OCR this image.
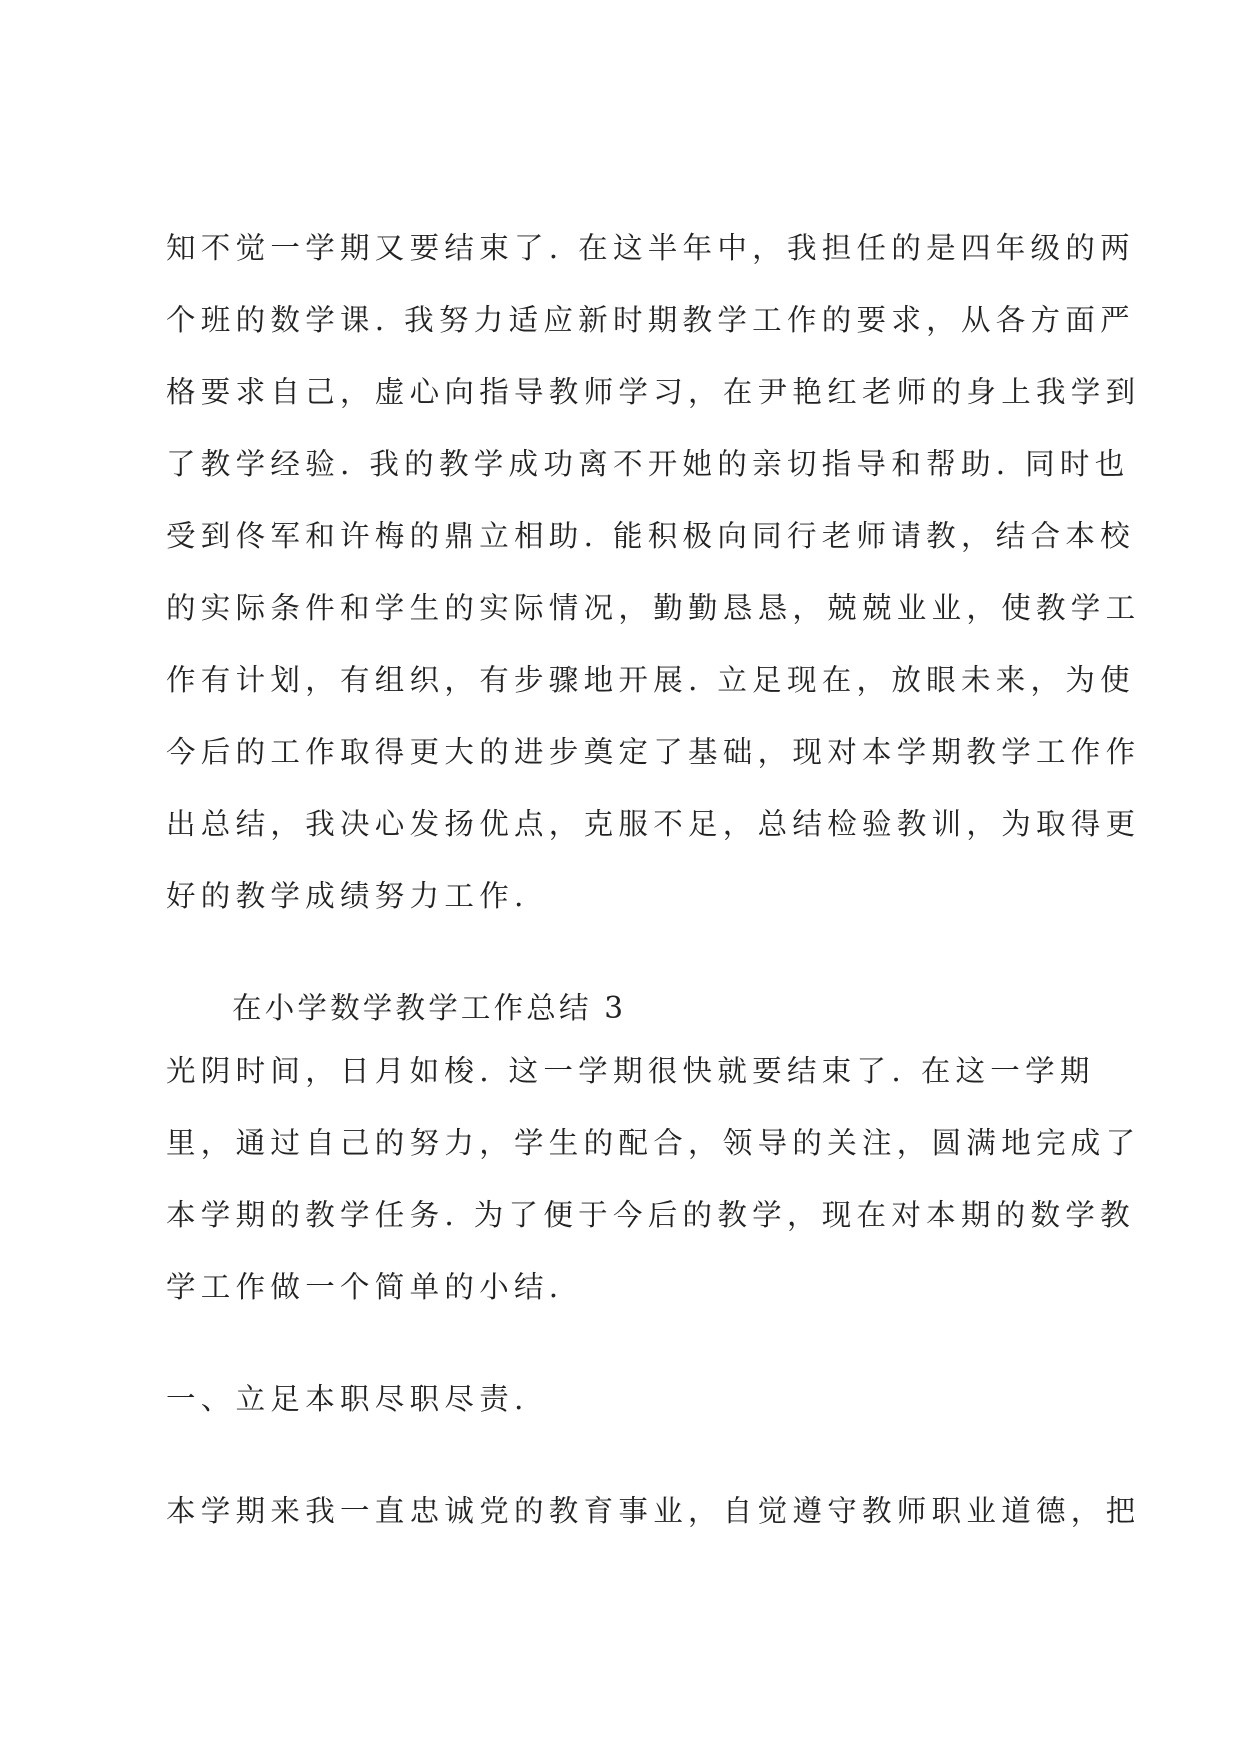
知不觉一学期又要结束了. 在这半年中，我担任的是四年级的两
个班的数学课. 我努力适应新时期教学工作的要求，从各方面严
格要求自己，虚心向指导教师学习，在尹艳红老师的身上我学到
了教学经验. 我的教学成功离不开她的亲切指导和帮助. 同时也
受到佟军和许梅的鼎立相助. 能积极向同行老师请教，结合本校
的实际条件和学生的实际情况，勤勤恳恳，兢兢业业，使教学工
作有计划，有组织，有步骤地开展. 立足现在，放眼未来，为使
今后的工作取得更大的进步奠定了基础，现对本学期教学工作作
出总结，我决心发扬优点，克服不足，总结检验教训，为取得更
好的教学成绩努力工作.
在小学数学教学工作总结 3
光阴时间，日月如梭. 这一学期很快就要结束了. 在这一学期
里，通过自己的努力，学生的配合，领导的关注，圆满地完成了
本学期的教学任务. 为了便于今后的教学，现在对本期的数学教
学工作做一个简单的小结.
一、立足本职尽职尽责.
本学期来我一直忠诚党的教育事业，自觉遵守教师职业道德，把
